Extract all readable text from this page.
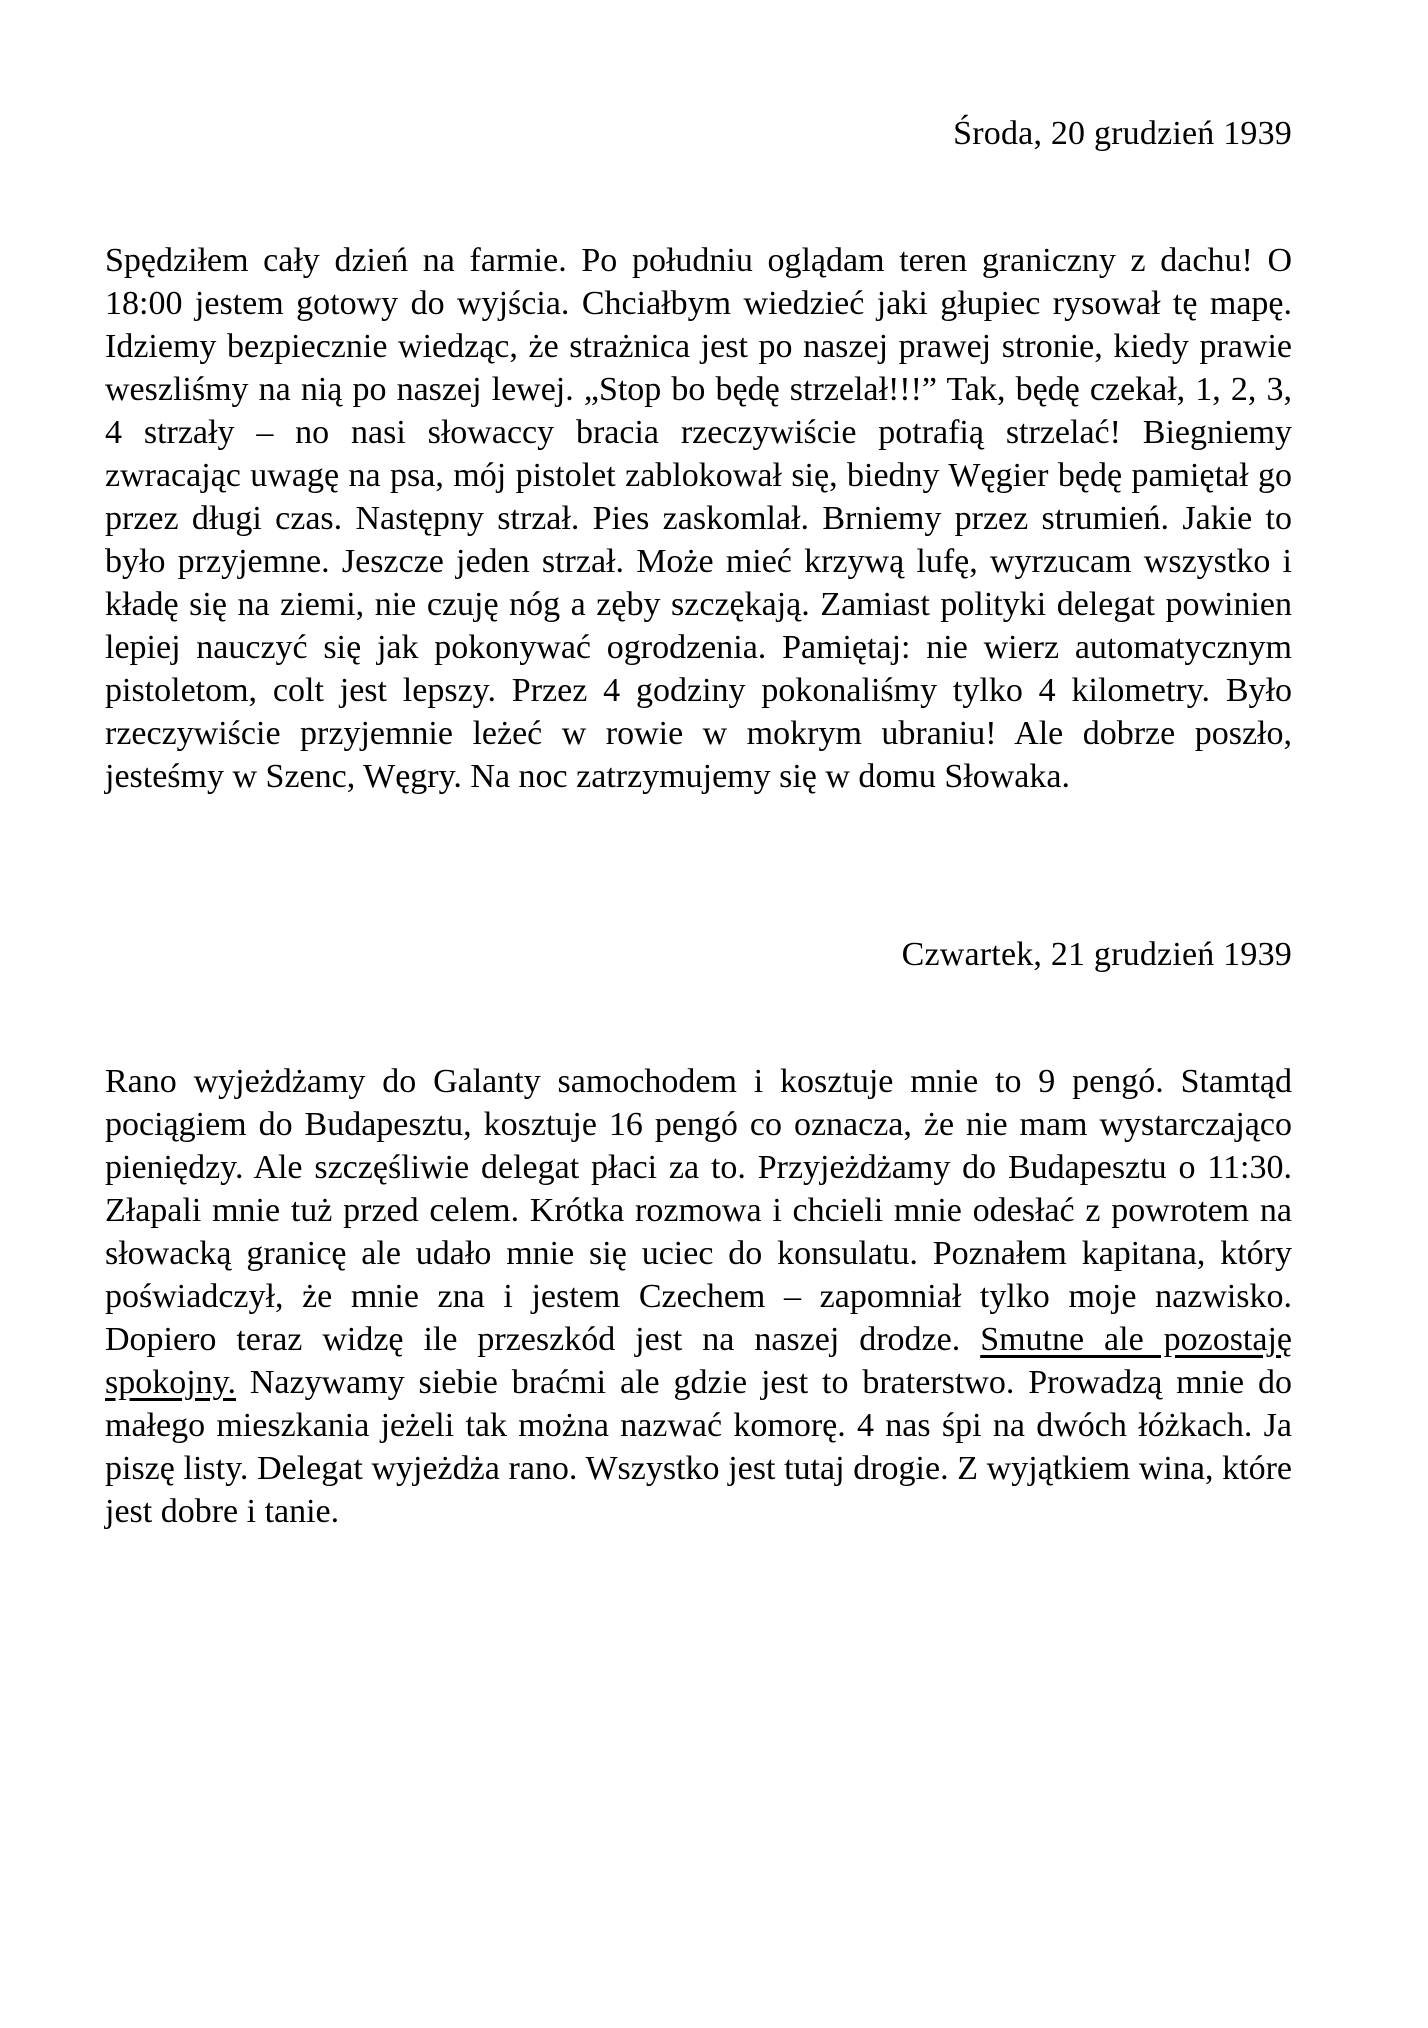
Środa, 20 grudzień 1939

Spędziłem cały dzień na farmie. Po południu oglądam teren graniczny z dachu! O 18:00 jestem gotowy do wyjścia. Chciałbym wiedzieć jaki głupiec rysował tę mapę. Idziemy bezpiecznie wiedząc, że strażnica jest po naszej prawej stronie, kiedy prawie weszliśmy na nią po naszej lewej. „Stop bo będę strzelał!!!” Tak, będę czekał, 1, 2, 3, 4 strzały – no nasi słowaccy bracia rzeczywiście potrafią strzelać! Biegniemy zwracając uwagę na psa, mój pistolet zablokował się, biedny Węgier będę pamiętał go przez długi czas. Następny strzał. Pies zaskomlał. Brniemy przez strumień. Jakie to było przyjemne. Jeszcze jeden strzał. Może mieć krzywą lufę, wyrzucam wszystko i kładę się na ziemi, nie czuję nóg a zęby szczękają. Zamiast polityki delegat powinien lepiej nauczyć się jak pokonywać ogrodzenia. Pamiętaj: nie wierz automatycznym pistoletom, colt jest lepszy. Przez 4 godziny pokonaliśmy tylko 4 kilometry. Było rzeczywiście przyjemnie leżeć w rowie w mokrym ubraniu! Ale dobrze poszło, jesteśmy w Szenc, Węgry. Na noc zatrzymujemy się w domu Słowaka.

Czwartek, 21 grudzień 1939

Rano wyjeżdżamy do Galanty samochodem i kosztuje mnie to 9 pengó. Stamtąd pociągiem do Budapesztu, kosztuje 16 pengó co oznacza, że nie mam wystarczająco pieniędzy. Ale szczęśliwie delegat płaci za to. Przyjeżdżamy do Budapesztu o 11:30. Złapali mnie tuż przed celem. Krótka rozmowa i chcieli mnie odesłać z powrotem na słowacką granicę ale udało mnie się uciec do konsulatu. Poznałem kapitana, który poświadczył, że mnie zna i jestem Czechem – zapomniał tylko moje nazwisko. Dopiero teraz widzę ile przeszkód jest na naszej drodze. Smutne ale pozostaję spokojny. Nazywamy siebie braćmi ale gdzie jest to braterstwo. Prowadzą mnie do małego mieszkania jeżeli tak można nazwać komorę. 4 nas śpi na dwóch łóżkach. Ja piszę listy. Delegat wyjeżdża rano. Wszystko jest tutaj drogie. Z wyjątkiem wina, które jest dobre i tanie.
